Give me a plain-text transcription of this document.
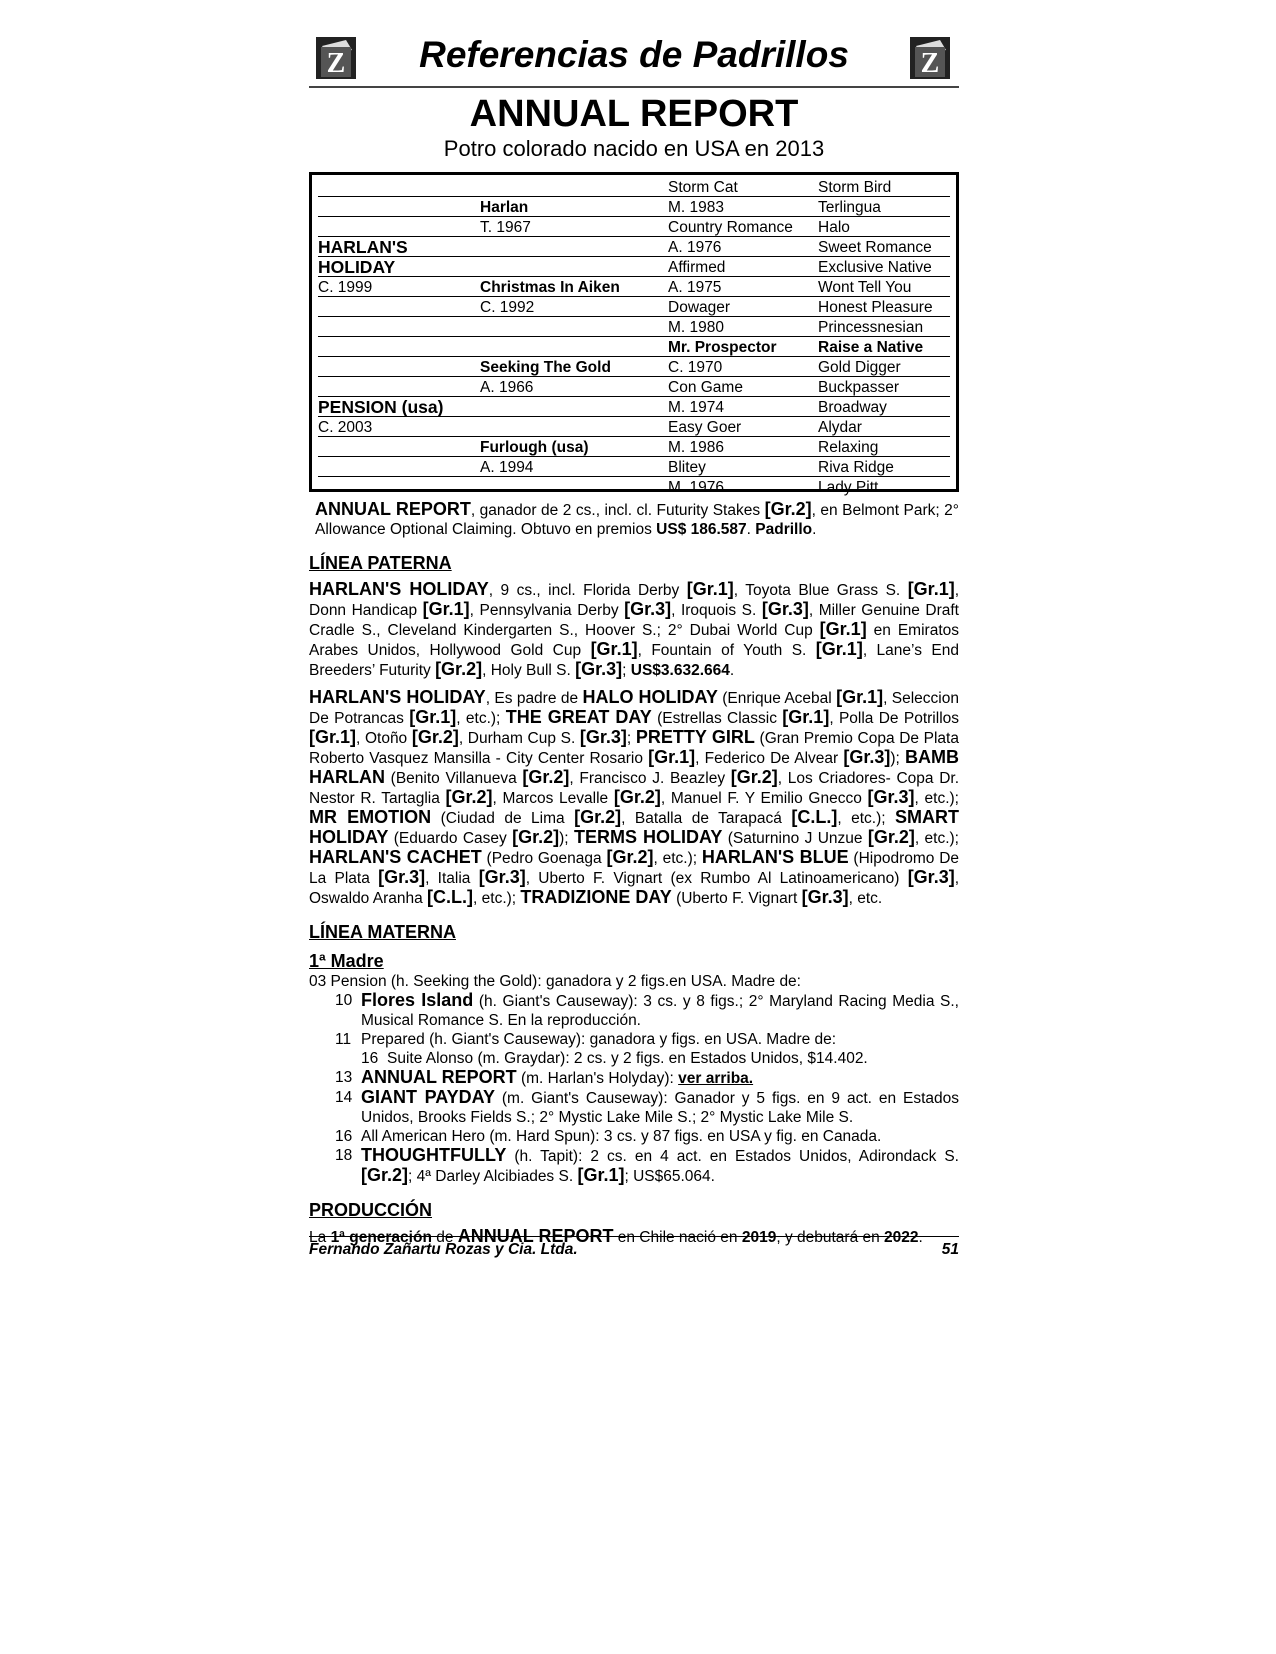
Z	Referencias de Padrillos	Z
ANNUAL REPORT
Potro colorado nacido en USA en 2013
		Storm Cat	Storm Bird
	Harlan	M. 1983	Terlingua
	T. 1967	Country Romance	Halo
HARLAN'S		A. 1976	Sweet Romance
HOLIDAY		Affirmed	Exclusive Native
C. 1999	Christmas In Aiken	A. 1975	Wont Tell You
	C. 1992	Dowager	Honest Pleasure
		M. 1980	Princessnesian
		Mr. Prospector	Raise a Native
	Seeking The Gold	C. 1970	Gold Digger
	A. 1966	Con Game	Buckpasser
PENSION (usa)		M. 1974	Broadway
C. 2003		Easy Goer	Alydar
	Furlough (usa)	M. 1986	Relaxing
	A. 1994	Blitey	Riva Ridge
		M. 1976	Lady Pitt
ANNUAL REPORT, ganador de 2 cs., incl. cl. Futurity Stakes [Gr.2], en Belmont Park; 2° Allowance Optional Claiming. Obtuvo en premios US$ 186.587. Padrillo.
LÍNEA PATERNA
HARLAN'S HOLIDAY, 9 cs., incl. Florida Derby [Gr.1], Toyota Blue Grass S. [Gr.1], Donn Handicap [Gr.1], Pennsylvania Derby [Gr.3], Iroquois S. [Gr.3], Miller Genuine Draft Cradle S., Cleveland Kindergarten S., Hoover S.; 2° Dubai World Cup [Gr.1] en Emiratos Arabes Unidos, Hollywood Gold Cup [Gr.1], Fountain of Youth S. [Gr.1], Lane’s End Breeders’ Futurity [Gr.2], Holy Bull S. [Gr.3]; US$3.632.664.
HARLAN'S HOLIDAY, Es padre de HALO HOLIDAY (Enrique Acebal [Gr.1], Seleccion De Potrancas [Gr.1], etc.); THE GREAT DAY (Estrellas Classic [Gr.1], Polla De Potrillos [Gr.1], Otoño [Gr.2], Durham Cup S. [Gr.3]; PRETTY GIRL (Gran Premio Copa De Plata Roberto Vasquez Mansilla - City Center Rosario [Gr.1], Federico De Alvear [Gr.3]); BAMB HARLAN (Benito Villanueva [Gr.2], Francisco J. Beazley [Gr.2], Los Criadores- Copa Dr. Nestor R. Tartaglia [Gr.2], Marcos Levalle [Gr.2], Manuel F. Y Emilio Gnecco [Gr.3], etc.); MR EMOTION (Ciudad de Lima [Gr.2], Batalla de Tarapacá [C.L.], etc.); SMART HOLIDAY (Eduardo Casey [Gr.2]); TERMS HOLIDAY (Saturnino J Unzue [Gr.2], etc.); HARLAN'S CACHET (Pedro Goenaga [Gr.2], etc.); HARLAN'S BLUE (Hipodromo De La Plata [Gr.3], Italia [Gr.3], Uberto F. Vignart (ex Rumbo Al Latinoamericano) [Gr.3], Oswaldo Aranha [C.L.], etc.); TRADIZIONE DAY (Uberto F. Vignart [Gr.3], etc.
LÍNEA MATERNA
1ª Madre
03 Pension (h. Seeking the Gold): ganadora y 2 figs.en USA. Madre de:
10 Flores Island (h. Giant's Causeway): 3 cs. y 8 figs.; 2° Maryland Racing Media S., Musical Romance S. En la reproducción.
11 Prepared (h. Giant's Causeway): ganadora y figs. en USA. Madre de:
16 Suite Alonso (m. Graydar): 2 cs. y 2 figs. en Estados Unidos, $14.402.
13 ANNUAL REPORT (m. Harlan's Holyday): ver arriba.
14 GIANT PAYDAY (m. Giant's Causeway): Ganador y 5 figs. en 9 act. en Estados Unidos, Brooks Fields S.; 2° Mystic Lake Mile S.; 2° Mystic Lake Mile S.
16 All American Hero (m. Hard Spun): 3 cs. y 87 figs. en USA y fig. en Canada.
18 THOUGHTFULLY (h. Tapit): 2 cs. en 4 act. en Estados Unidos, Adirondack S. [Gr.2]; 4ª Darley Alcibiades S. [Gr.1]; US$65.064.
PRODUCCIÓN
La 1ª generación de ANNUAL REPORT en Chile nació en 2019, y debutará en 2022.
Fernando Zañartu Rozas y Cia. Ltda.	51
